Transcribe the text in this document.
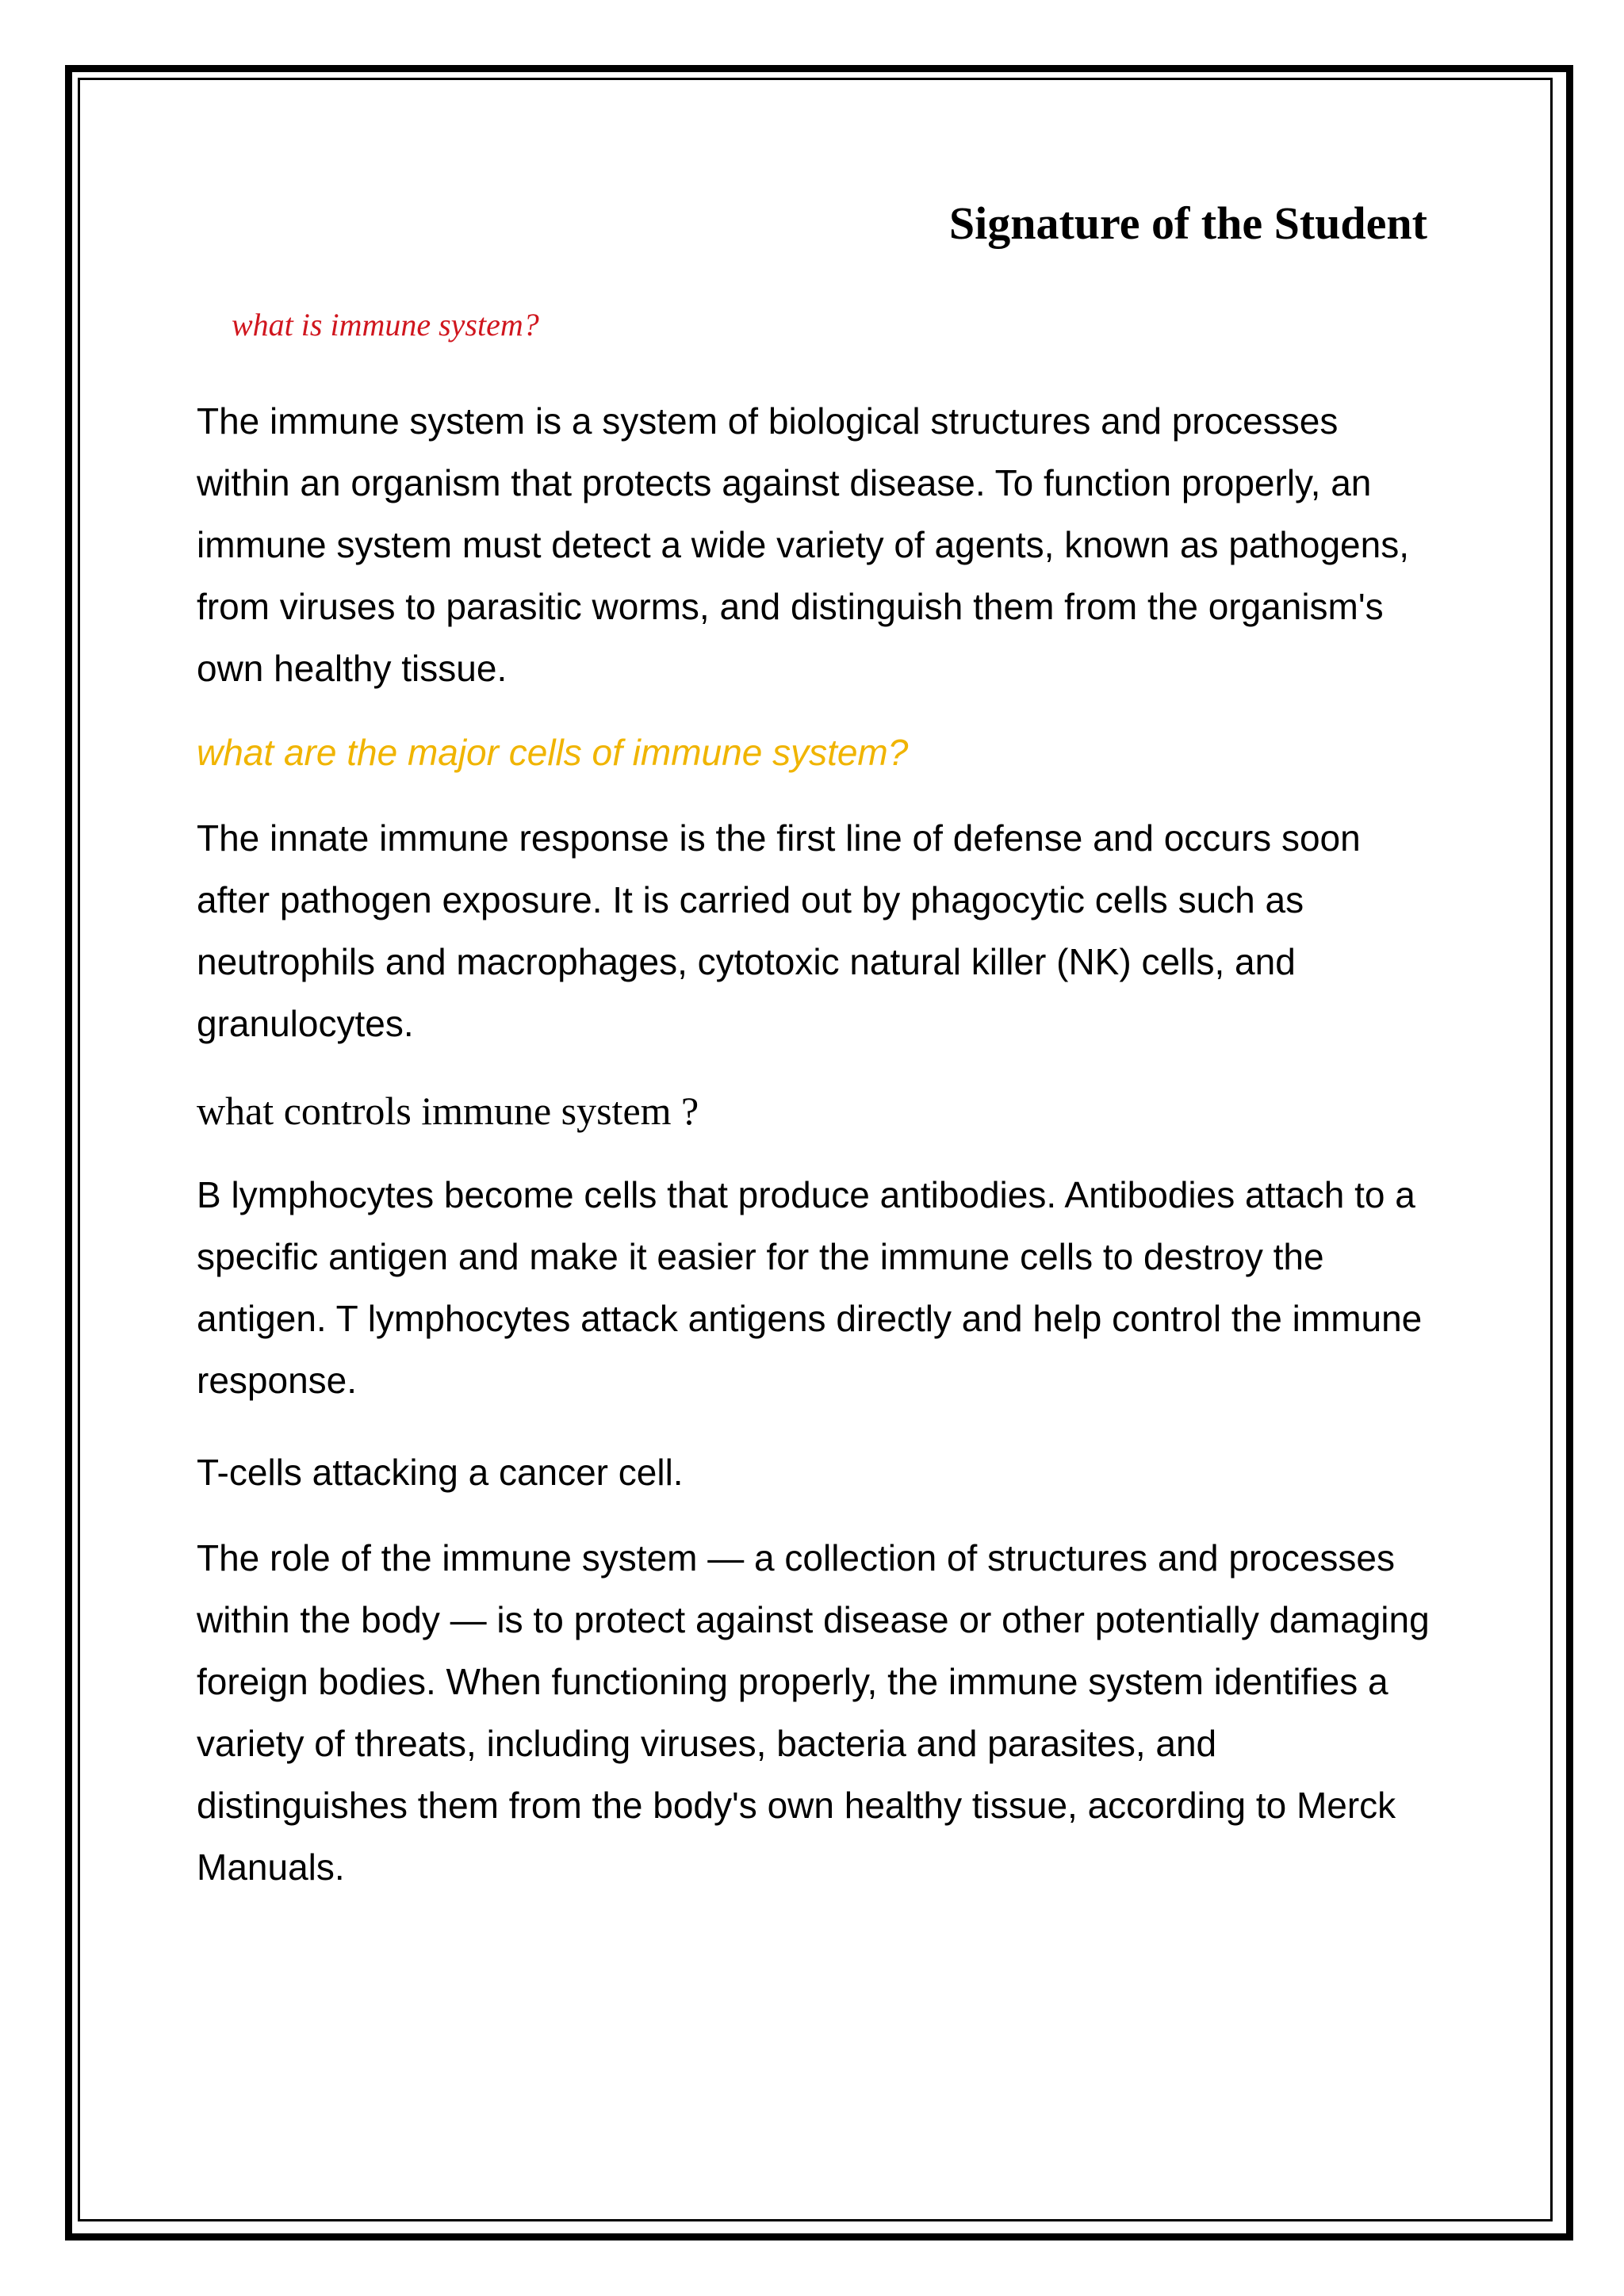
Signature of the Student

what is immune system?

The immune system is a system of biological structures and processes within an organism that protects against disease. To function properly, an immune system must detect a wide variety of agents, known as pathogens, from viruses to parasitic worms, and distinguish them from the organism's own healthy tissue.

what are the major cells of immune system?

The innate immune response is the first line of defense and occurs soon after pathogen exposure. It is carried out by phagocytic cells such as neutrophils and macrophages, cytotoxic natural killer (NK) cells, and granulocytes.

what controls immune system ?

B lymphocytes become cells that produce antibodies. Antibodies attach to a specific antigen and make it easier for the immune cells to destroy the antigen. T lymphocytes attack antigens directly and help control the immune response.

T-cells attacking a cancer cell.

The role of the immune system — a collection of structures and processes within the body — is to protect against disease or other potentially damaging foreign bodies. When functioning properly, the immune system identifies a variety of threats, including viruses, bacteria and parasites, and distinguishes them from the body's own healthy tissue, according to Merck Manuals.
